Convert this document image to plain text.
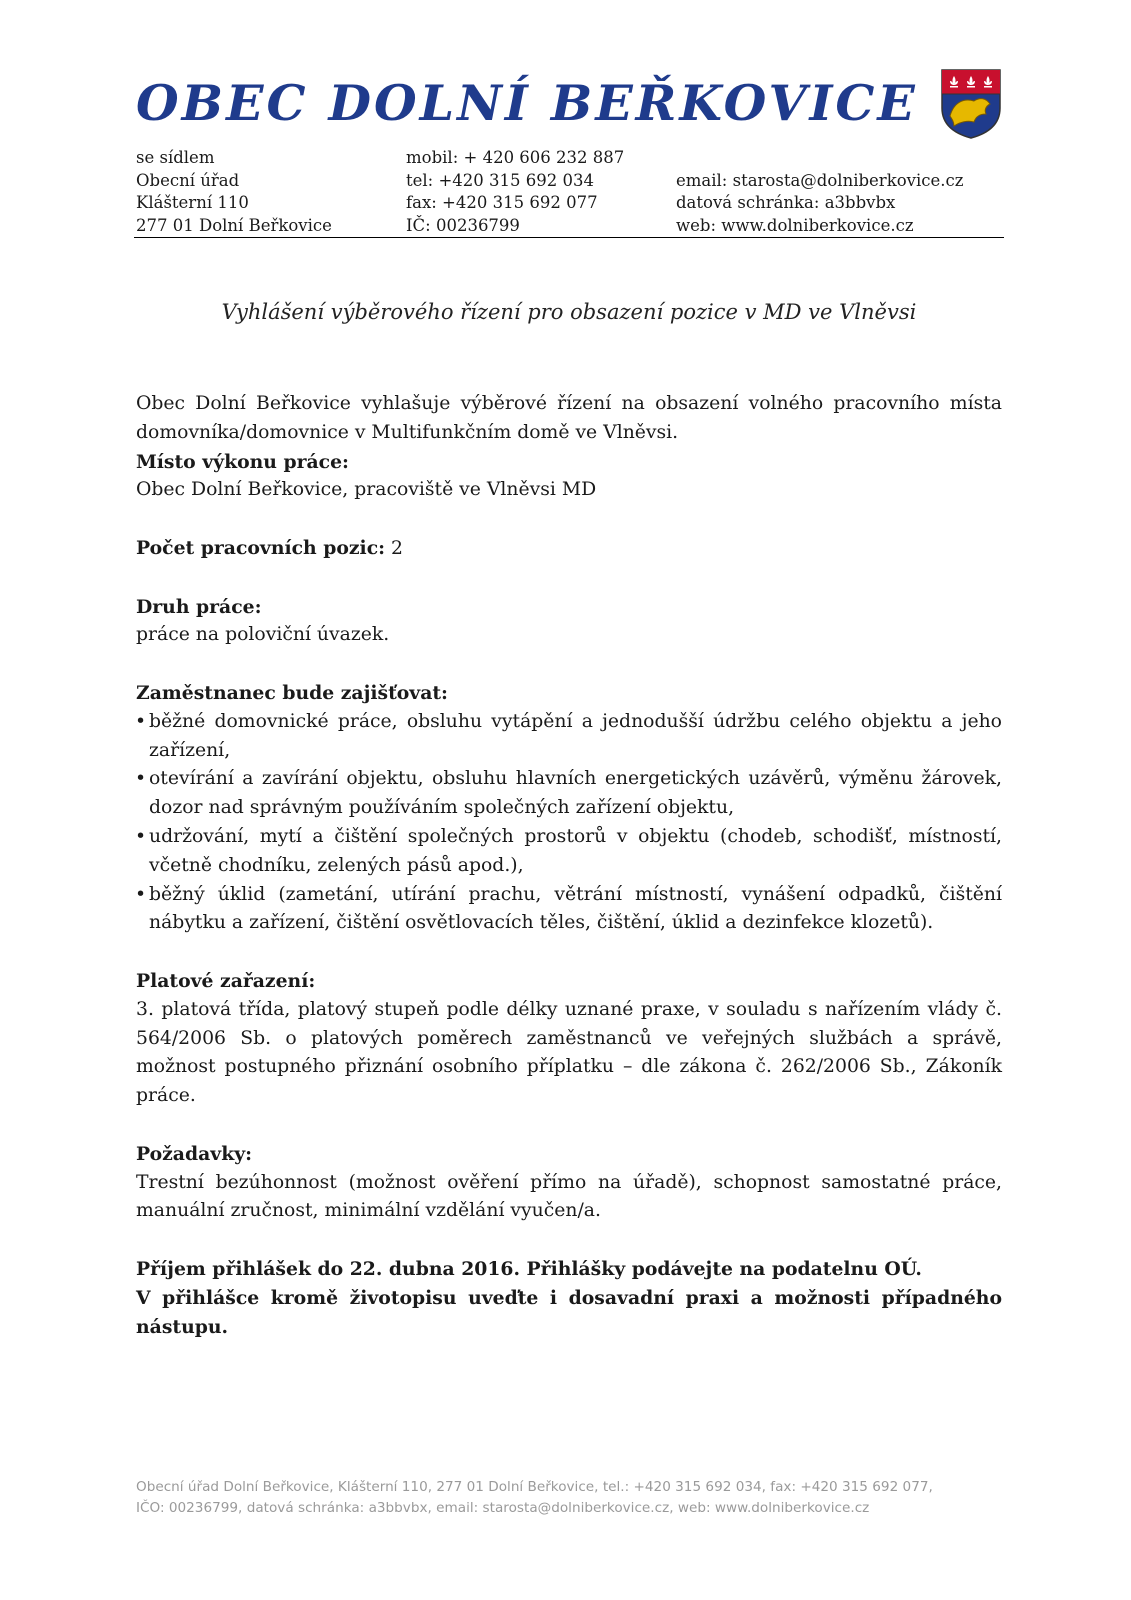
OBEC DOLNÍ BEŘKOVICE
se sídlem
Obecní úřad
Klášterní 110
277 01 Dolní Beřkovice
mobil: + 420 606 232 887
tel: +420 315 692 034
fax: +420 315 692 077
IČ: 00236799
email: starosta@dolniberkovice.cz
datová schránka: a3bbvbx
web: www.dolniberkovice.cz
Vyhlášení výběrového řízení pro obsazení pozice v MD ve Vlněvsi

Obec Dolní Beřkovice vyhlašuje výběrové řízení na obsazení volného pracovního místa domovníka/domovnice v Multifunkčním domě ve Vlněvsi.

Místo výkonu práce:

Obec Dolní Beřkovice, pracoviště ve Vlněvsi MD

Počet pracovních pozic: 2

Druh práce:

práce na poloviční úvazek.

Zaměstnanec bude zajišťovat:

• běžné domovnické práce, obsluhu vytápění a jednodušší údržbu celého objektu a jeho zařízení,
• otevírání a zavírání objektu, obsluhu hlavních energetických uzávěrů, výměnu žárovek, dozor nad správným používáním společných zařízení objektu,
• udržování, mytí a čištění společných prostorů v objektu (chodeb, schodišť, místností, včetně chodníku, zelených pásů apod.),
• běžný úklid (zametání, utírání prachu, větrání místností, vynášení odpadků, čištění nábytku a zařízení, čištění osvětlovacích těles, čištění, úklid a dezinfekce klozetů).

Platové zařazení:

3. platová třída, platový stupeň podle délky uznané praxe, v souladu s nařízením vlády č. 564/2006 Sb. o platových poměrech zaměstnanců ve veřejných službách a správě, možnost postupného přiznání osobního příplatku – dle zákona č. 262/2006 Sb., Zákoník práce.

Požadavky:

Trestní bezúhonnost (možnost ověření přímo na úřadě), schopnost samostatné práce, manuální zručnost, minimální vzdělání vyučen/a.

Příjem přihlášek do 22. dubna 2016. Přihlášky podávejte na podatelnu OÚ.

V přihlášce kromě životopisu uveďte i dosavadní praxi a možnosti případného nástupu.

Obecní úřad Dolní Beřkovice, Klášterní 110, 277 01 Dolní Beřkovice, tel.: +420 315 692 034, fax: +420 315 692 077,
IČO: 00236799, datová schránka: a3bbvbx, email: starosta@dolniberkovice.cz, web: www.dolniberkovice.cz
